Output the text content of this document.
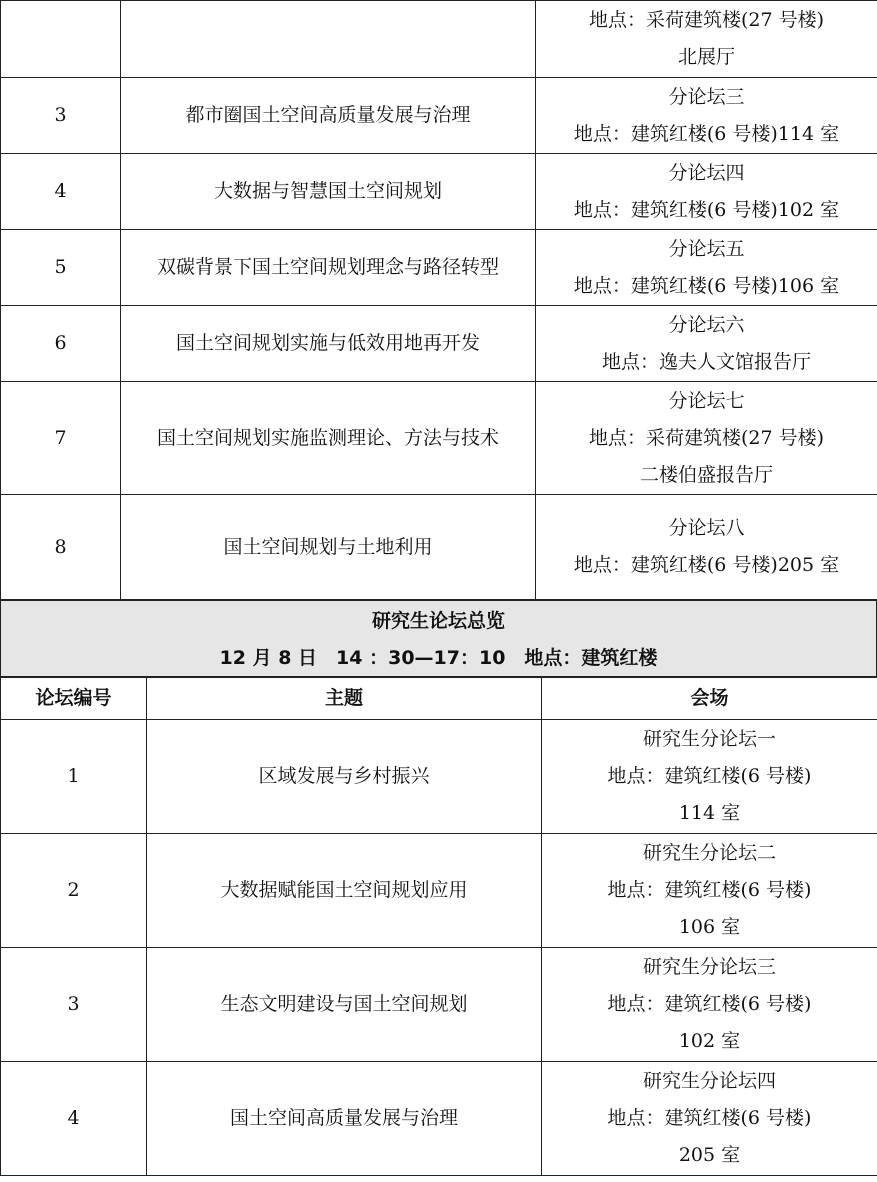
		地点：采荷建筑楼(27 号楼)
北展厅

3	都市圈国土空间高质量发展与治理	分论坛三
地点：建筑红楼(6 号楼)114 室

4	大数据与智慧国土空间规划	分论坛四
地点：建筑红楼(6 号楼)102 室

5	双碳背景下国土空间规划理念与路径转型	分论坛五
地点：建筑红楼(6 号楼)106 室

6	国土空间规划实施与低效用地再开发	分论坛六
地点：逸夫人文馆报告厅

7	国土空间规划实施监测理论、方法与技术	分论坛七
地点：采荷建筑楼(27 号楼)
二楼伯盛报告厅

8	国土空间规划与土地利用	分论坛八
地点：建筑红楼(6 号楼)205 室
研究生论坛总览
12 月 8 日　14 ：30—17：10　地点：建筑红楼
论坛编号	主题	会场
1	区域发展与乡村振兴	研究生分论坛一
地点：建筑红楼(6 号楼)
114 室

2	大数据赋能国土空间规划应用	研究生分论坛二
地点：建筑红楼(6 号楼)
106 室

3	生态文明建设与国土空间规划	研究生分论坛三
地点：建筑红楼(6 号楼)
102 室

4	国土空间高质量发展与治理	研究生分论坛四
地点：建筑红楼(6 号楼)
205 室
